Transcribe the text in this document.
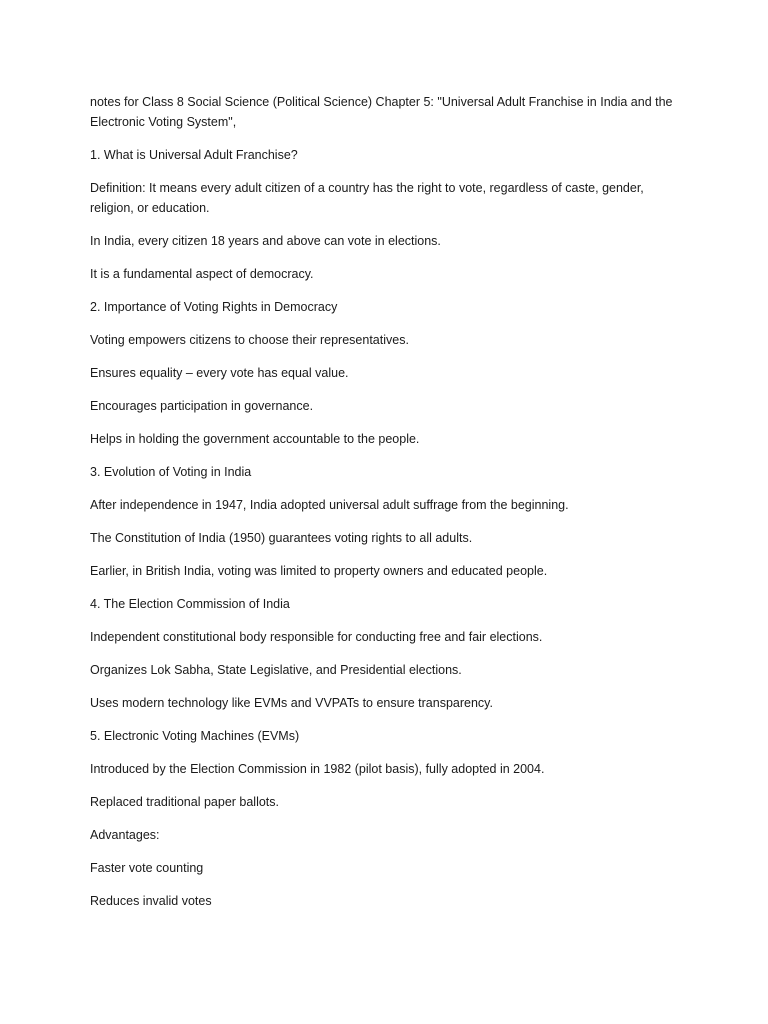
notes for Class 8 Social Science (Political Science) Chapter 5: "Universal Adult Franchise in India and the Electronic Voting System",

1. What is Universal Adult Franchise?

Definition: It means every adult citizen of a country has the right to vote, regardless of caste, gender, religion, or education.

In India, every citizen 18 years and above can vote in elections.

It is a fundamental aspect of democracy.

2. Importance of Voting Rights in Democracy

Voting empowers citizens to choose their representatives.

Ensures equality – every vote has equal value.

Encourages participation in governance.

Helps in holding the government accountable to the people.

3. Evolution of Voting in India

After independence in 1947, India adopted universal adult suffrage from the beginning.

The Constitution of India (1950) guarantees voting rights to all adults.

Earlier, in British India, voting was limited to property owners and educated people.

4. The Election Commission of India

Independent constitutional body responsible for conducting free and fair elections.

Organizes Lok Sabha, State Legislative, and Presidential elections.

Uses modern technology like EVMs and VVPATs to ensure transparency.

5. Electronic Voting Machines (EVMs)

Introduced by the Election Commission in 1982 (pilot basis), fully adopted in 2004.

Replaced traditional paper ballots.

Advantages:

Faster vote counting

Reduces invalid votes
